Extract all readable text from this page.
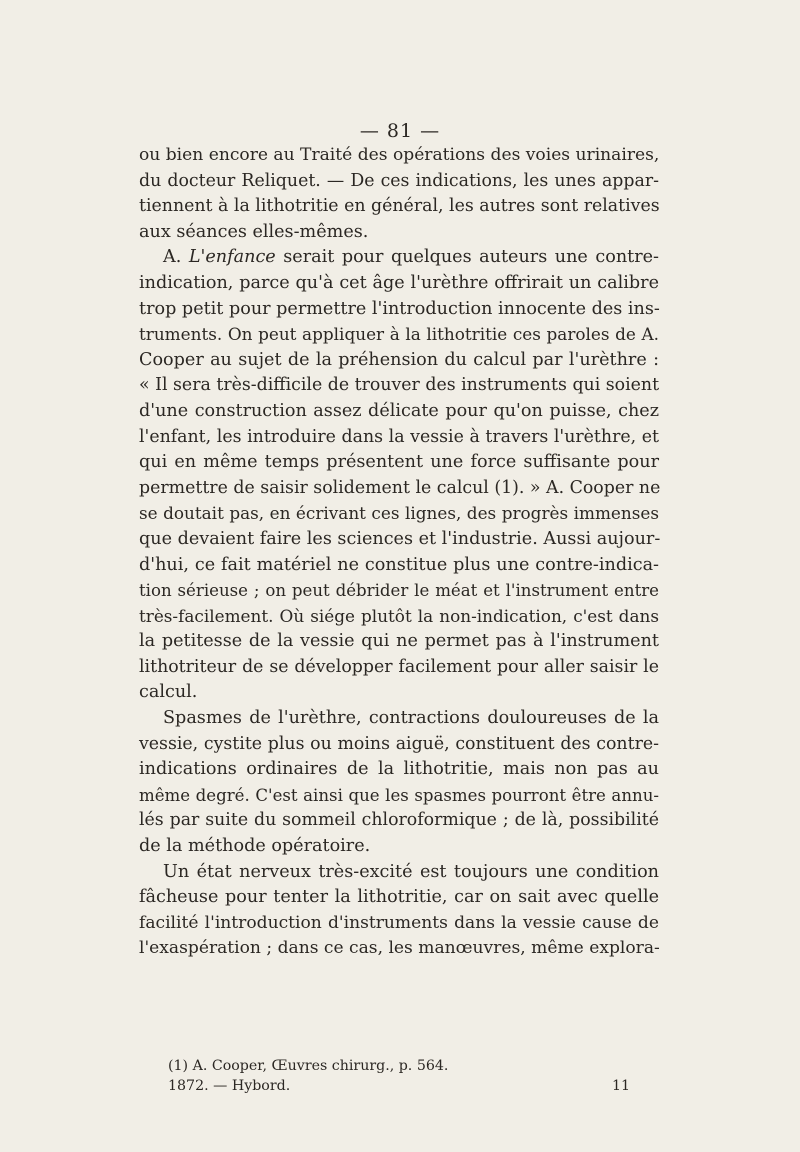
— 81 —
ou bien encore au Traité des opérations des voies urinaires,
du docteur Reliquet. — De ces indications, les unes appar-
tiennent à la lithotritie en général, les autres sont relatives
aux séances elles-mêmes.
A. L'enfance serait pour quelques auteurs une contre-
indication, parce qu'à cet âge l'urèthre offrirait un calibre
trop petit pour permettre l'introduction innocente des ins-
truments. On peut appliquer à la lithotritie ces paroles de A.
Cooper au sujet de la préhension du calcul par l'urèthre :
« Il sera très-difficile de trouver des instruments qui soient
d'une construction assez délicate pour qu'on puisse, chez
l'enfant, les introduire dans la vessie à travers l'urèthre, et
qui en même temps présentent une force suffisante pour
permettre de saisir solidement le calcul (1). » A. Cooper ne
se doutait pas, en écrivant ces lignes, des progrès immenses
que devaient faire les sciences et l'industrie. Aussi aujour-
d'hui, ce fait matériel ne constitue plus une contre-indica-
tion sérieuse ; on peut débrider le méat et l'instrument entre
très-facilement. Où siége plutôt la non-indication, c'est dans
la petitesse de la vessie qui ne permet pas à l'instrument
lithotriteur de se développer facilement pour aller saisir le
calcul.
Spasmes de l'urèthre, contractions douloureuses de la
vessie, cystite plus ou moins aiguë, constituent des contre-
indications ordinaires de la lithotritie, mais non pas au
même degré. C'est ainsi que les spasmes pourront être annu-
lés par suite du sommeil chloroformique ; de là, possibilité
de la méthode opératoire.
Un état nerveux très-excité est toujours une condition
fâcheuse pour tenter la lithotritie, car on sait avec quelle
facilité l'introduction d'instruments dans la vessie cause de
l'exaspération ; dans ce cas, les manœuvres, même explora-
(1) A. Cooper, Œuvres chirurg., p. 564.
1872. — Hybord.	11
